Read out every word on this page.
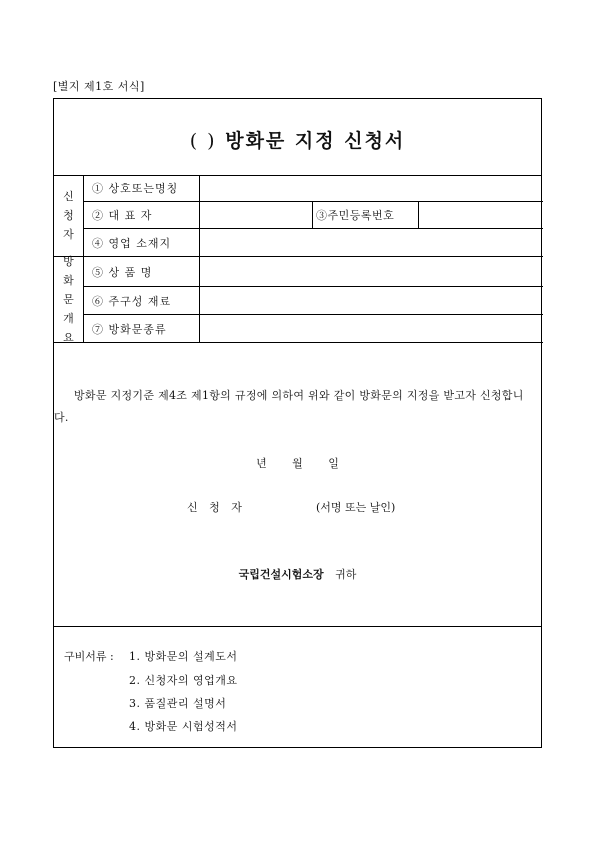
[별지 제1호 서식]
( ) 방화문 지정 신청서
신
청
자
방
화
문
개
요
① 상호또는명칭
② 대 표 자	③주민등록번호
④ 영업 소재지
⑤ 상 품 명
⑥ 주구성 재료
⑦ 방화문종류
방화문 지정기준 제4조 제1항의 규정에 의하여 위와 같이 방화문의 지정을 받고자 신청합니다.
년 월 일
신 청 자	(서명 또는 날인)
국립건설시험소장 귀하
구비서류 : 1. 방화문의 설계도서
2. 신청자의 영업개요
3. 품질관리 설명서
4. 방화문 시험성적서
